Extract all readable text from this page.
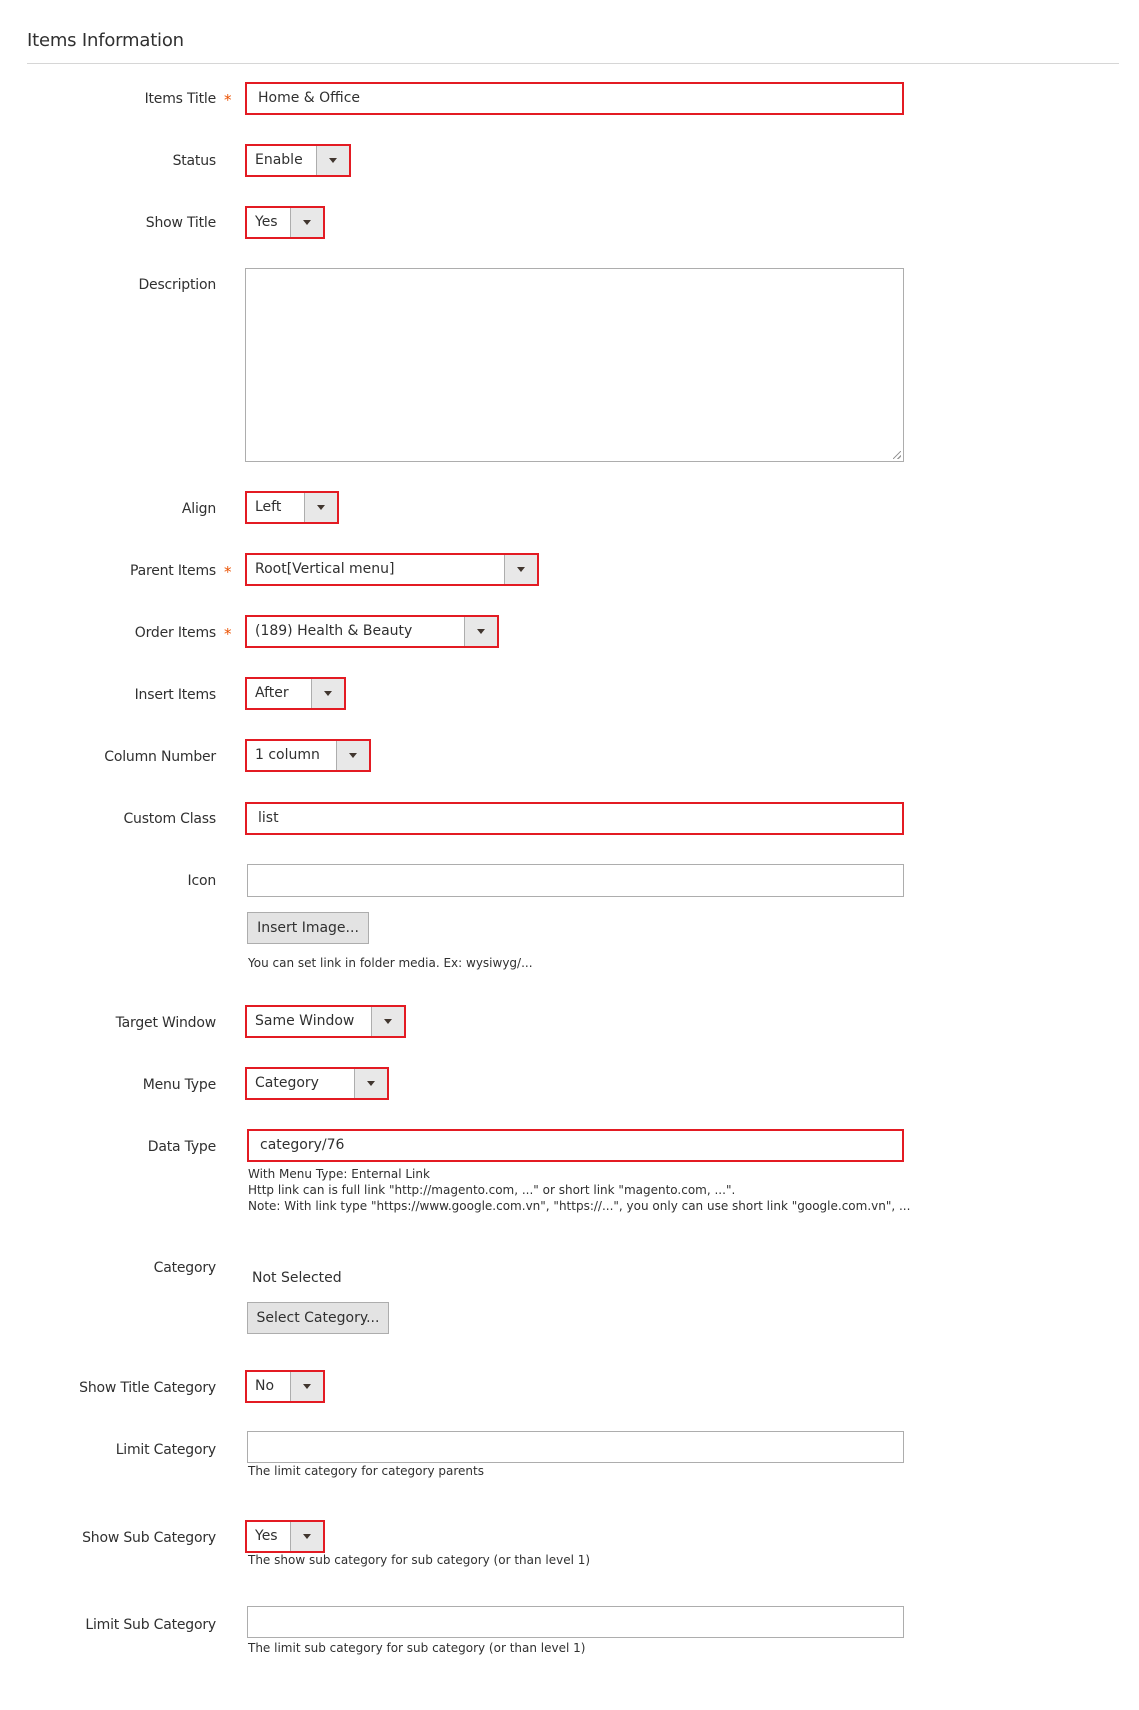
Items Information
Items Title *	Home & Office
Status	Enable
Show Title	Yes
Description
Align	Left
Parent Items * Root[Vertical menu]
Order Items * (189) Health & Beauty
Insert Items	After
Column Number	1 column
Custom Class	list
Icon
Insert Image...
You can set link in folder media. Ex: wysiwyg/...
Target Window	Same Window
Menu Type	Category
Data Type	category/76
With Menu Type: Enternal Link
Http link can is full link "http://magento.com, ..." or short link "magento.com, ...".
Note: With link type "https://www.google.com.vn", "https://...", you only can use short link "google.com.vn", ...
Category
Not Selected
Select Category...
Show Title Category	No
Limit Category
The limit category for category parents
Show Sub Category	Yes
The show sub category for sub category (or than level 1)
Limit Sub Category
The limit sub category for sub category (or than level 1)
